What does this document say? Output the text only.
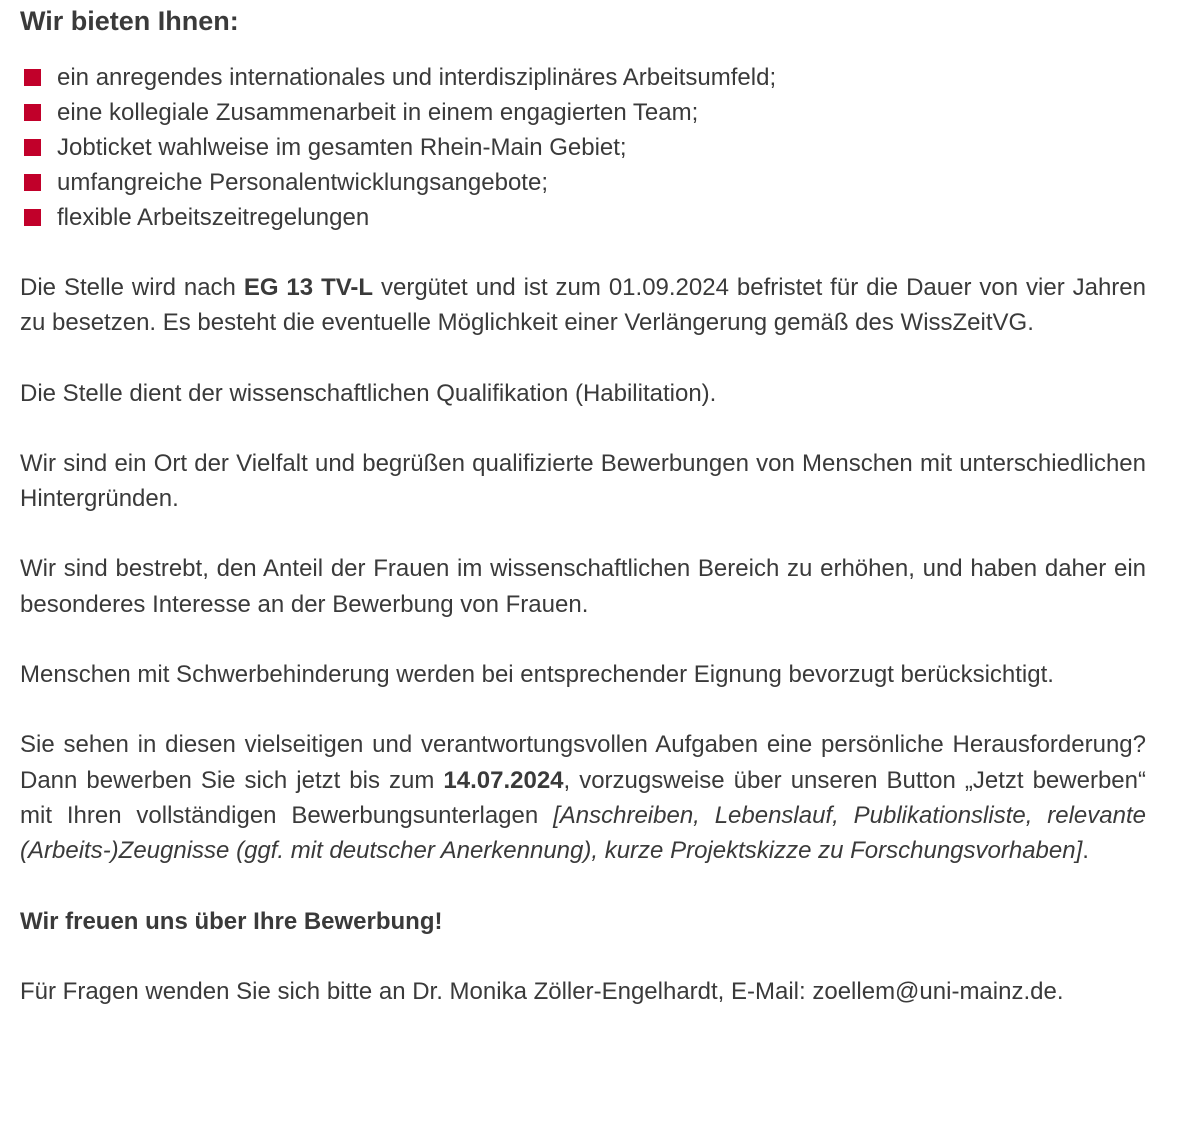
Wir bieten Ihnen:
ein anregendes internationales und interdisziplinäres Arbeitsumfeld;
eine kollegiale Zusammenarbeit in einem engagierten Team;
Jobticket wahlweise im gesamten Rhein-Main Gebiet;
umfangreiche Personalentwicklungsangebote;
flexible Arbeitszeitregelungen

Die Stelle wird nach EG 13 TV-L vergütet und ist zum 01.09.2024 befristet für die Dauer von vier Jahren zu besetzen. Es besteht die eventuelle Möglichkeit einer Verlängerung gemäß des WissZeitVG.

Die Stelle dient der wissenschaftlichen Qualifikation (Habilitation).

Wir sind ein Ort der Vielfalt und begrüßen qualifizierte Bewerbungen von Menschen mit unterschiedlichen Hintergründen.

Wir sind bestrebt, den Anteil der Frauen im wissenschaftlichen Bereich zu erhöhen, und haben daher ein besonderes Interesse an der Bewerbung von Frauen.

Menschen mit Schwerbehinderung werden bei entsprechender Eignung bevorzugt berücksichtigt.

Sie sehen in diesen vielseitigen und verantwortungsvollen Aufgaben eine persönliche Herausforderung? Dann bewerben Sie sich jetzt bis zum 14.07.2024, vorzugsweise über unseren Button „Jetzt bewerben“ mit Ihren vollständigen Bewerbungsunterlagen [Anschreiben, Lebenslauf, Publikationsliste, relevante (Arbeits-)Zeugnisse (ggf. mit deutscher Anerkennung), kurze Projektskizze zu Forschungsvorhaben].

Wir freuen uns über Ihre Bewerbung!

Für Fragen wenden Sie sich bitte an Dr. Monika Zöller-Engelhardt, E-Mail: zoellem@uni-mainz.de.
